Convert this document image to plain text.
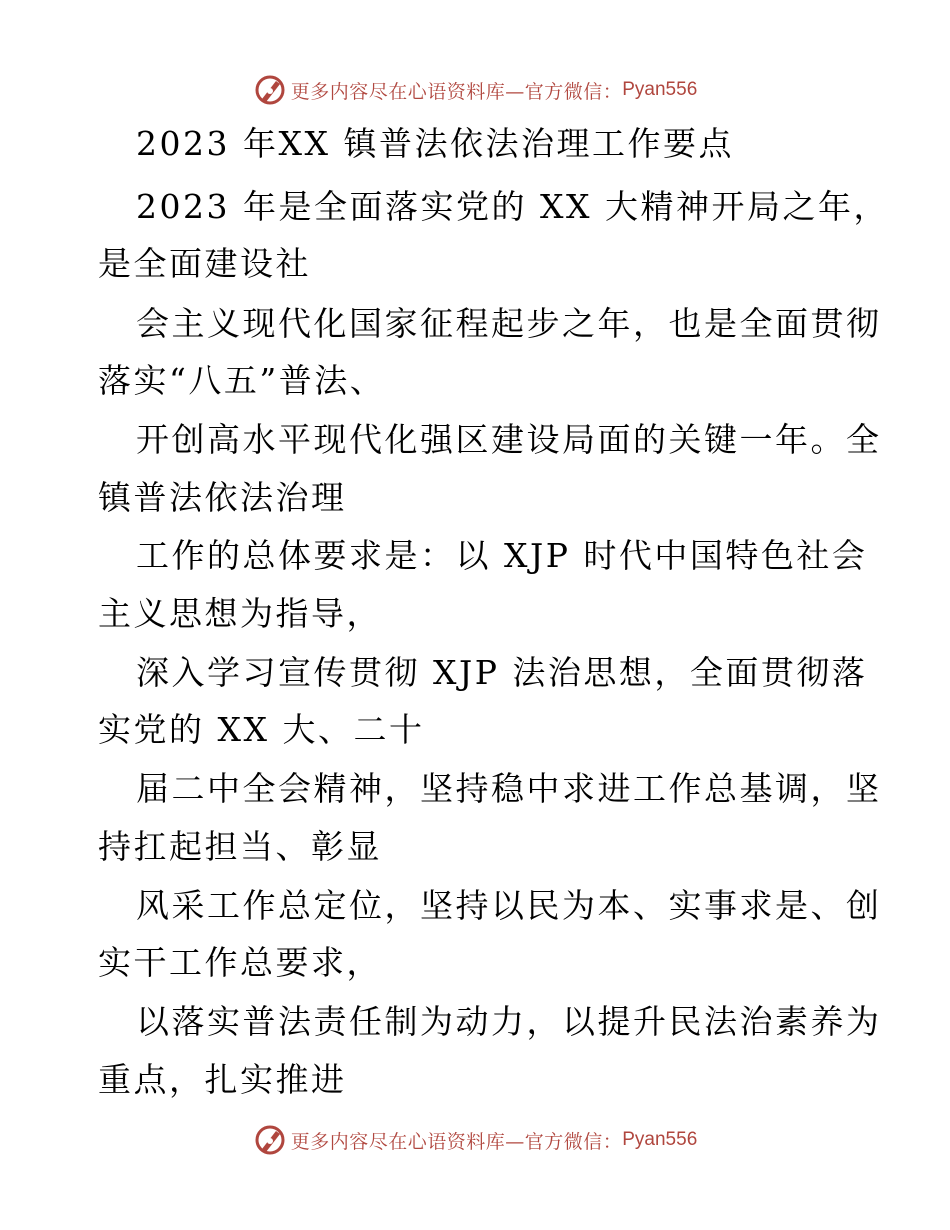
更多内容尽在心语资料库—官方微信： Pyan556
2023 年XX 镇普法依法治理工作要点
2023 年是全面落实党的 XX 大精神开局之年，
是全面建设社
会主义现代化国家征程起步之年，也是全面贯彻
落实“八五”普法、
开创高水平现代化强区建设局面的关键一年。全
镇普法依法治理
工作的总体要求是：以 XJP 时代中国特色社会
主义思想为指导，
深入学习宣传贯彻 XJP 法治思想，全面贯彻落
实党的 XX 大、二十
届二中全会精神，坚持稳中求进工作总基调，坚
持扛起担当、彰显
风采工作总定位，坚持以民为本、实事求是、创
实干工作总要求，
以落实普法责任制为动力，以提升民法治素养为
重点，扎实推进
更多内容尽在心语资料库—官方微信： Pyan556
